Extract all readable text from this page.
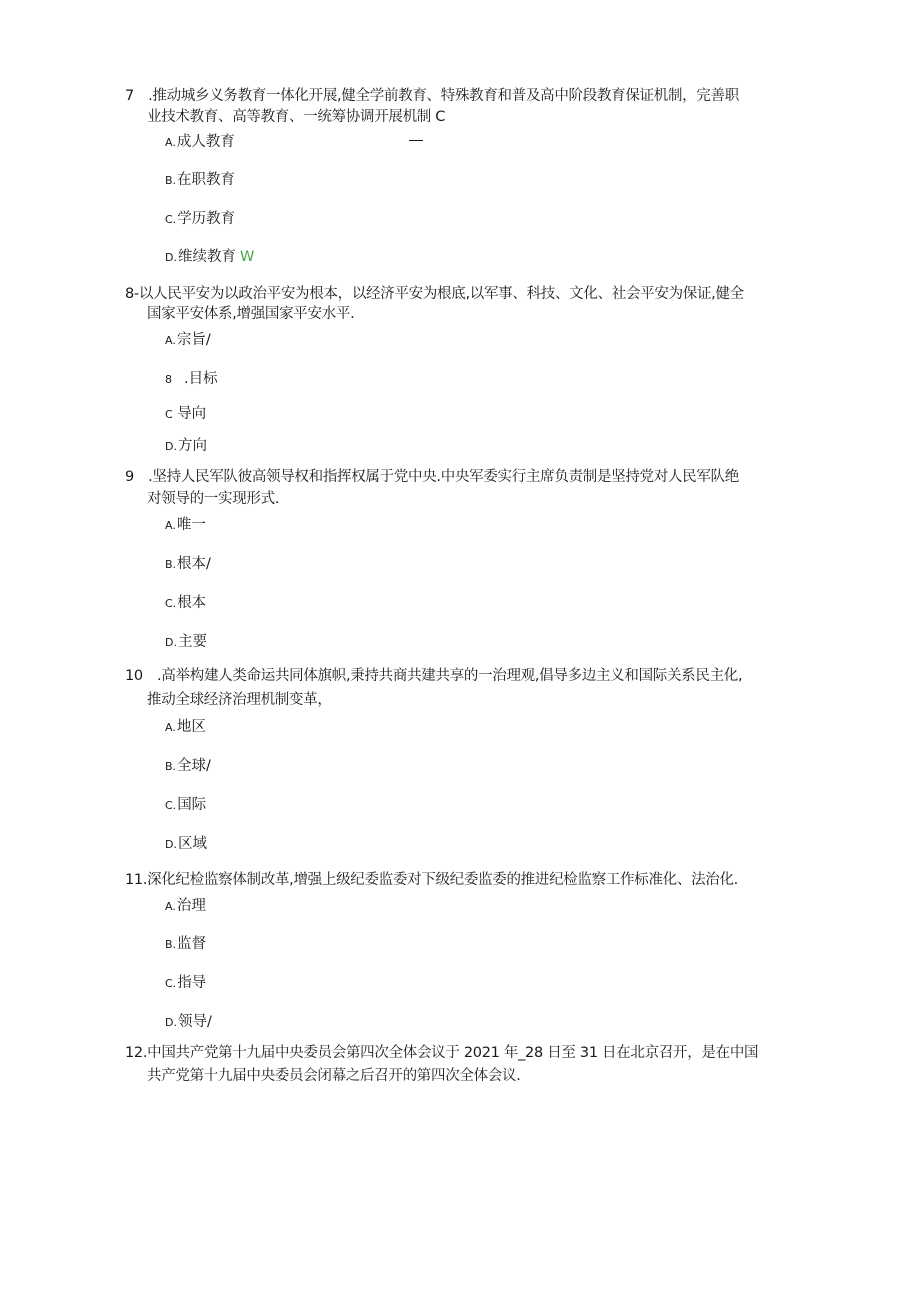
7　.推动城乡义务教育一体化开展,健全学前教育、特殊教育和普及高中阶段教育保证机制，完善职
业技术教育、高等教育、一统筹协调开展机制 C
A.成人教育
B.在职教育
C.学历教育
D.维续教育 W
8-以人民平安为以政治平安为根本，以经济平安为根底,以军事、科技、文化、社会平安为保证,健全
国家平安体系,增强国家平安水平.
A.宗旨/
8　.目标
C 导向
D.方向
9　.坚持人民军队彼高领导权和指挥权属于党中央.中央军委实行主席负责制是坚持党对人民军队绝
对领导的一实现形式.
A.唯一
B.根本/
C.根本
D.主要
10　.高举构建人类命运共同体旗帜,秉持共商共建共享的一治理观,倡导多边主义和国际关系民主化,
推动全球经济治理机制变革，
A.地区
B.全球/
C.国际
D.区域
11.深化纪检监察体制改革,增强上级纪委监委对下级纪委监委的推进纪检监察工作标准化、法治化.
A.治理
B.监督
C.指导
D.领导/
12.中国共产党第十九届中央委员会第四次全体会议于 2021 年_28 日至 31 日在北京召开，是在中国
共产党第十九届中央委员会闭幕之后召开的第四次全体会议.
